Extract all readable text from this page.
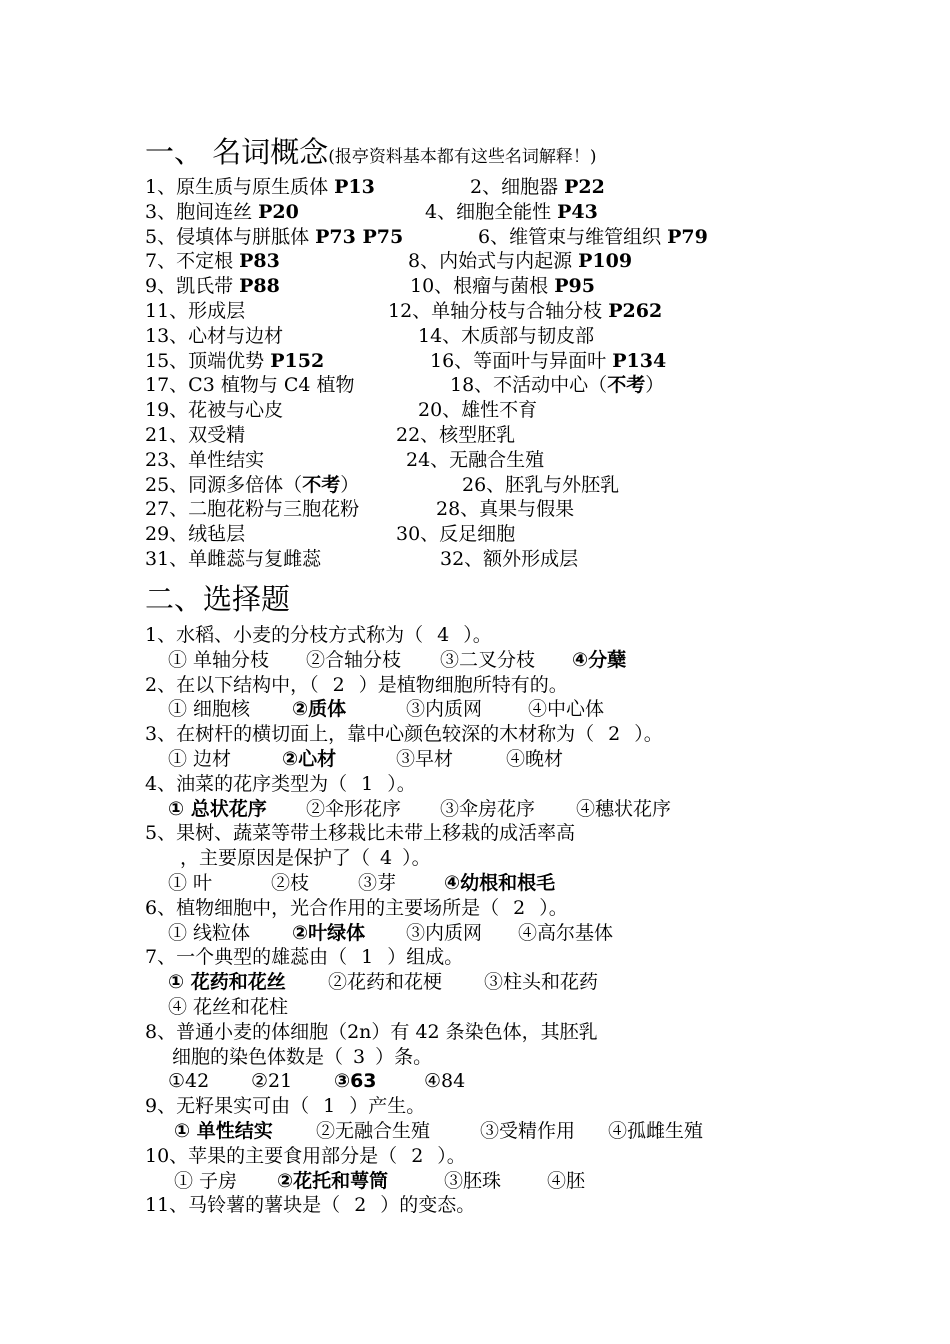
一、 名词概念(报亭资料基本都有这些名词解释！)
1、原生质与原生质体 P13	2、细胞器 P22
3、胞间连丝 P20	4、细胞全能性 P43
5、侵填体与胼胝体 P73 P75	6、维管束与维管组织 P79
7、不定根 P83	8、内始式与内起源 P109
9、凯氏带 P88	10、根瘤与菌根 P95
11、形成层	12、单轴分枝与合轴分枝 P262
13、心材与边材	14、木质部与韧皮部
15、顶端优势 P152	16、等面叶与异面叶 P134
17、C3 植物与 C4 植物	18、不活动中心（不考）
19、花被与心皮	20、雄性不育
21、双受精	22、核型胚乳
23、单性结实	24、无融合生殖
25、同源多倍体（不考）	26、胚乳与外胚乳
27、二胞花粉与三胞花粉	28、真果与假果
29、绒毡层	30、反足细胞
31、单雌蕊与复雌蕊	32、额外形成层
二、选择题
1、水稻、小麦的分枝方式称为（ 4 ）。
① 单轴分枝 ②合轴分枝 ③二叉分枝 ④分蘖
2、在以下结构中，（ 2 ）是植物细胞所特有的。
① 细胞核 ②质体	③内质网 ④中心体
3、在树杆的横切面上，靠中心颜色较深的木材称为（ 2 ）。
① 边材	②心材	③早材	④晚材
4、油菜的花序类型为（ 1 ）。
① 总状花序 ②伞形花序 ③伞房花序 ④穗状花序
5、果树、蔬菜等带土移栽比未带上移栽的成活率高
，主要原因是保护了（ 4 ）。
① 叶	②枝	③芽	④幼根和根毛
6、植物细胞中，光合作用的主要场所是（ 2 ）。
① 线粒体 ②叶绿体 ③内质网 ④高尔基体
7、一个典型的雄蕊由（ 1 ）组成。
① 花药和花丝 ②花药和花梗 ③柱头和花药
④ 花丝和花柱
8、普通小麦的体细胞（2n）有 42 条染色体，其胚乳
细胞的染色体数是（ 3 ）条。
①42 ②21 ③63 ④84
9、无籽果实可由（ 1 ）产生。
① 单性结实 ②无融合生殖	③受精作用 ④孤雌生殖
10、苹果的主要食用部分是（ 2 ）。
① 子房 ②花托和萼筒	③胚珠 ④胚
11、马铃薯的薯块是（ 2 ）的变态。
